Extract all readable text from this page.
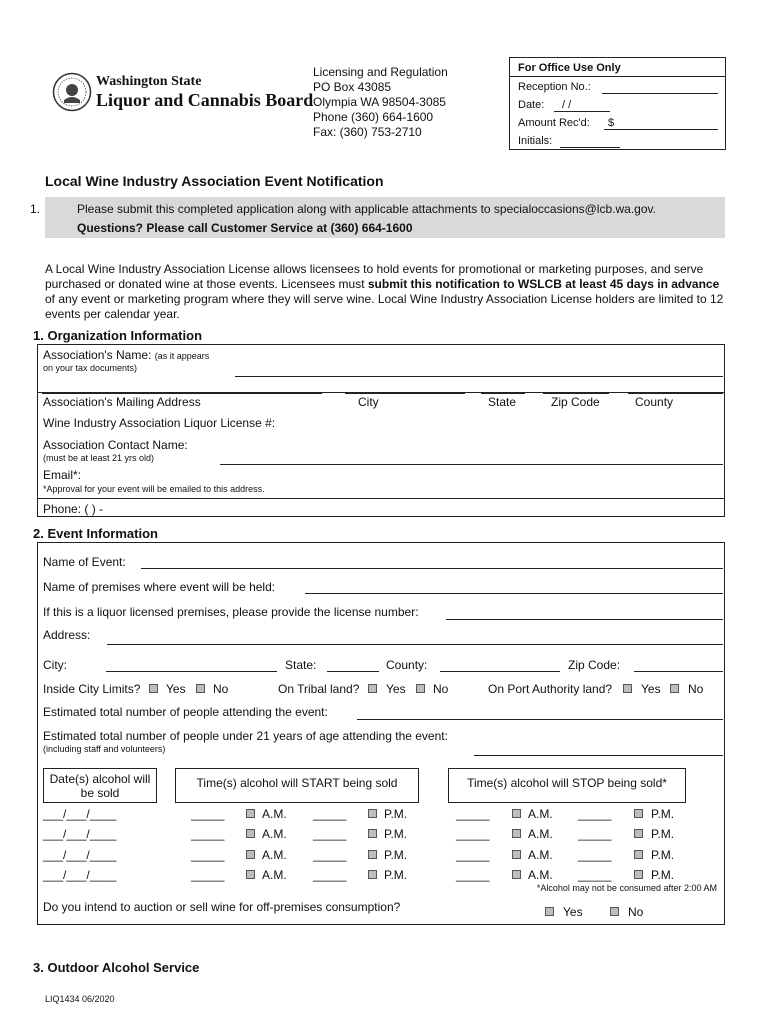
Washington State
Liquor and Cannabis Board
Licensing and Regulation
PO Box 43085
Olympia WA 98504-3085
Phone (360) 664-1600
Fax: (360) 753-2710
For Office Use Only
Reception No.:
Date: / /
Amount Rec'd: $
Initials:
Local Wine Industry Association Event Notification
1.	Please submit this completed application along with applicable attachments to specialoccasions@lcb.wa.gov.
Questions? Please call Customer Service at (360) 664-1600
A Local Wine Industry Association License allows licensees to hold events for promotional or marketing purposes, and serve purchased or donated wine at those events. Licensees must submit this notification to WSLCB at least 45 days in advance of any event or marketing program where they will serve wine. Local Wine Industry Association License holders are limited to 12 events per calendar year.
1. Organization Information
Association's Name: (as it appears
on your tax documents)
Association's Mailing Address	City	State	Zip Code	County
Wine Industry Association Liquor License #:
Association Contact Name:
(must be at least 21 yrs old)
Email*:
*Approval for your event will be emailed to this address.
Phone: ( ) -
2. Event Information
Name of Event:
Name of premises where event will be held:
If this is a liquor licensed premises, please provide the license number:
Address:
City:	State:	County:	Zip Code:
Inside City Limits? Yes No	On Tribal land? Yes No	On Port Authority land? Yes No
Estimated total number of people attending the event:
Estimated total number of people under 21 years of age attending the event:
(including staff and volunteers)
Date(s) alcohol will be sold
Time(s) alcohol will START being sold	Time(s) alcohol will STOP being sold*
___/___/____	_____	A.M. _____	P.M.	_____	A.M. _____	P.M.
___/___/____	_____	A.M. _____	P.M.	_____	A.M. _____	P.M.
___/___/____	_____	A.M. _____	P.M.	_____	A.M. _____	P.M.
___/___/____	_____	A.M. _____	P.M.	_____	A.M. _____	P.M.
*Alcohol may not be consumed after 2:00 AM
Do you intend to auction or sell wine for off-premises consumption?	Yes	No
3. Outdoor Alcohol Service
LIQ1434 06/2020
